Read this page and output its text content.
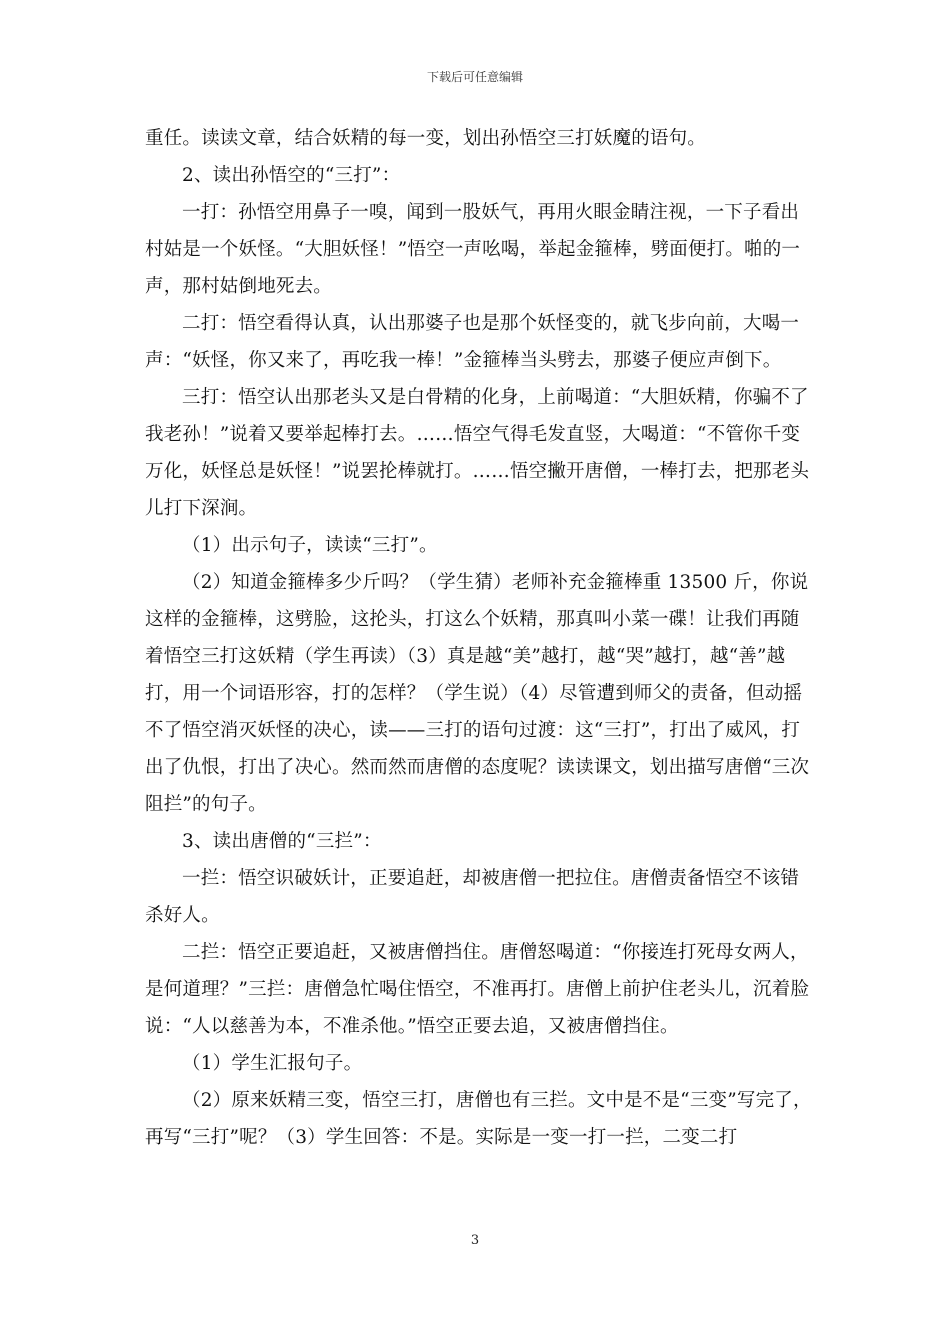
下载后可任意编辑

重任。读读文章，结合妖精的每一变，划出孙悟空三打妖魔的语句。

2、读出孙悟空的“三打”：

一打：孙悟空用鼻子一嗅，闻到一股妖气，再用火眼金睛注视，一下子看出村姑是一个妖怪。“大胆妖怪！”悟空一声吆喝，举起金箍棒，劈面便打。啪的一声，那村姑倒地死去。

二打：悟空看得认真，认出那婆子也是那个妖怪变的，就飞步向前，大喝一声：“妖怪，你又来了，再吃我一棒！”金箍棒当头劈去，那婆子便应声倒下。

三打：悟空认出那老头又是白骨精的化身，上前喝道：“大胆妖精，你骗不了我老孙！”说着又要举起棒打去。……悟空气得毛发直竖，大喝道：“不管你千变万化，妖怪总是妖怪！”说罢抡棒就打。……悟空撇开唐僧，一棒打去，把那老头儿打下深涧。

（1）出示句子，读读“三打”。

（2）知道金箍棒多少斤吗？（学生猜）老师补充金箍棒重 13500 斤，你说这样的金箍棒，这劈脸，这抡头，打这么个妖精，那真叫小菜一碟！让我们再随着悟空三打这妖精（学生再读）（3）真是越“美”越打，越“哭”越打，越“善”越打，用一个词语形容，打的怎样？（学生说）（4）尽管遭到师父的责备，但动摇不了悟空消灭妖怪的决心，读——三打的语句过渡：这“三打”，打出了威风，打出了仇恨，打出了决心。然而然而唐僧的态度呢？读读课文，划出描写唐僧“三次阻拦”的句子。

3、读出唐僧的“三拦”：

一拦：悟空识破妖计，正要追赶，却被唐僧一把拉住。唐僧责备悟空不该错杀好人。

二拦：悟空正要追赶，又被唐僧挡住。唐僧怒喝道：“你接连打死母女两人，是何道理？”三拦：唐僧急忙喝住悟空，不准再打。唐僧上前护住老头儿，沉着脸说：“人以慈善为本，不准杀他。”悟空正要去追，又被唐僧挡住。

（1）学生汇报句子。

（2）原来妖精三变，悟空三打，唐僧也有三拦。文中是不是“三变”写完了，再写“三打”呢？（3）学生回答：不是。实际是一变一打一拦，二变二打

3
